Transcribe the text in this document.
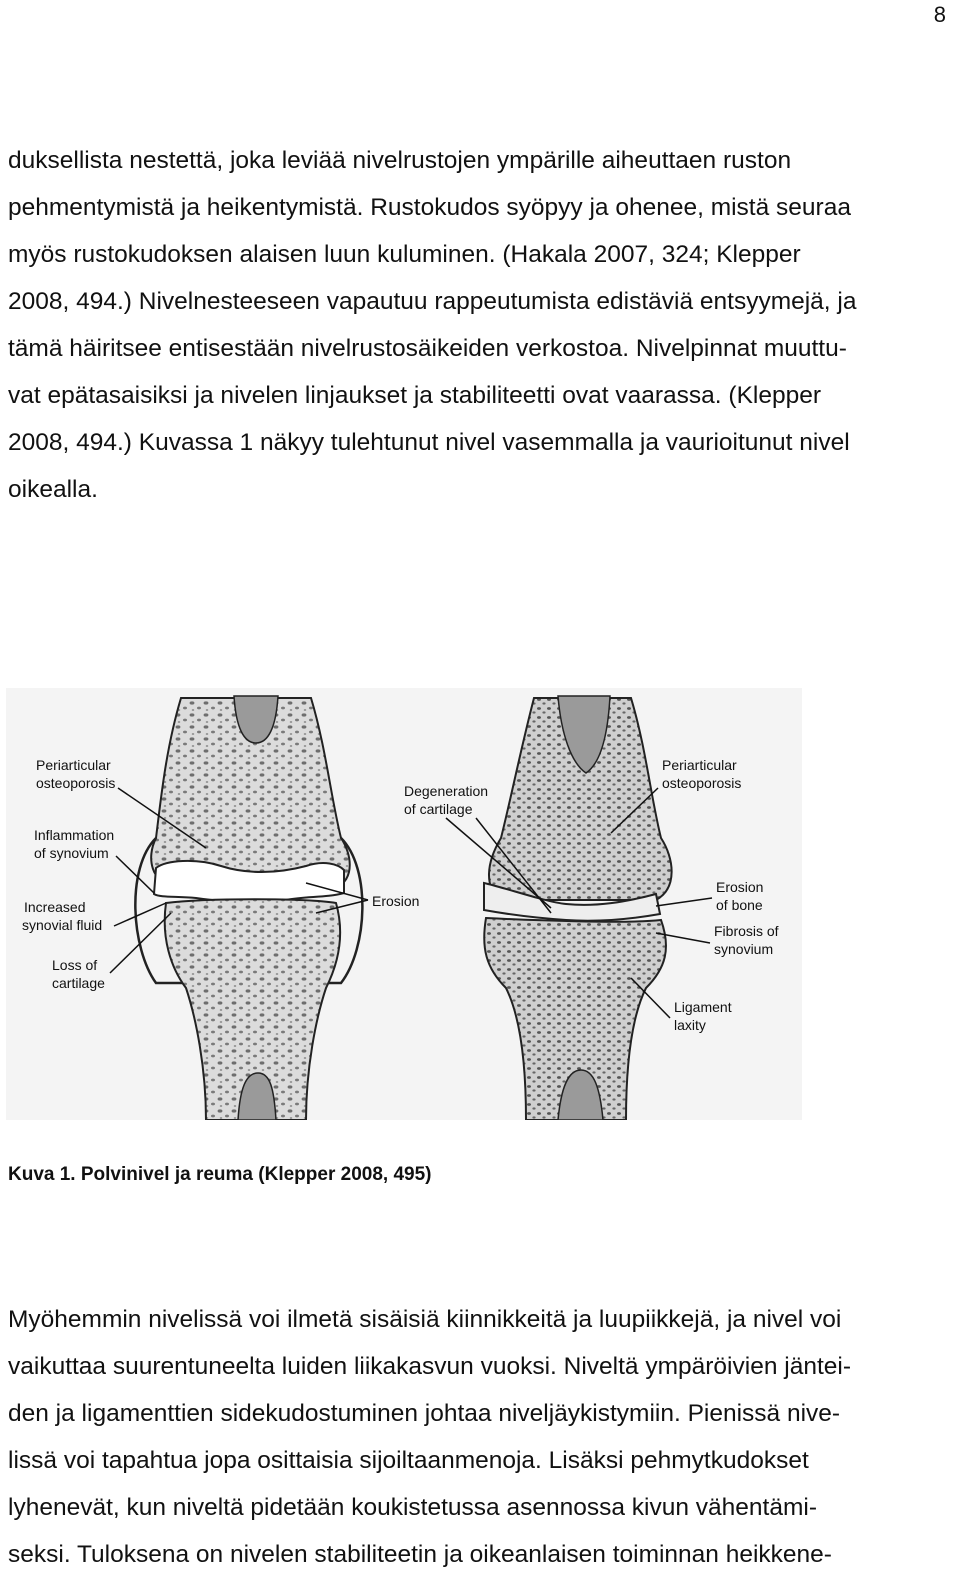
8

duksellista nestettä, joka leviää nivelrustojen ympärille aiheuttaen ruston
pehmentymistä ja heikentymistä. Rustokudos syöpyy ja ohenee, mistä seuraa
myös rustokudoksen alaisen luun kuluminen. (Hakala 2007, 324; Klepper
2008, 494.) Nivelnesteeseen vapautuu rappeutumista edistäviä entsyymejä, ja
tämä häiritsee entisestään nivelrustosäikeiden verkostoa. Nivelpinnat muuttu-
vat epätasaisiksi ja nivelen linjaukset ja stabiliteetti ovat vaarassa. (Klepper
2008, 494.) Kuvassa 1 näkyy tulehtunut nivel vasemmalla ja vaurioitunut nivel
oikealla.

Periarticular
osteoporosis
Inflammation
of synovium
Increased
synovial fluid
Loss of
cartilage
Erosion
Degeneration
of cartilage
Periarticular
osteoporosis
Erosion
of bone
Fibrosis of
synovium
Ligament
laxity
Kuva 1. Polvinivel ja reuma (Klepper 2008, 495)

Myöhemmin nivelissä voi ilmetä sisäisiä kiinnikkeitä ja luupiikkejä, ja nivel voi
vaikuttaa suurentuneelta luiden liikakasvun vuoksi. Niveltä ympäröivien jäntei-
den ja ligamenttien sidekudostuminen johtaa niveljäykistymiin. Pienissä nive-
lissä voi tapahtua jopa osittaisia sijoiltaanmenoja. Lisäksi pehmytkudokset
lyhenevät, kun niveltä pidetään koukistetussa asennossa kivun vähentämi-
seksi. Tuloksena on nivelen stabiliteetin ja oikeanlaisen toiminnan heikkene-
